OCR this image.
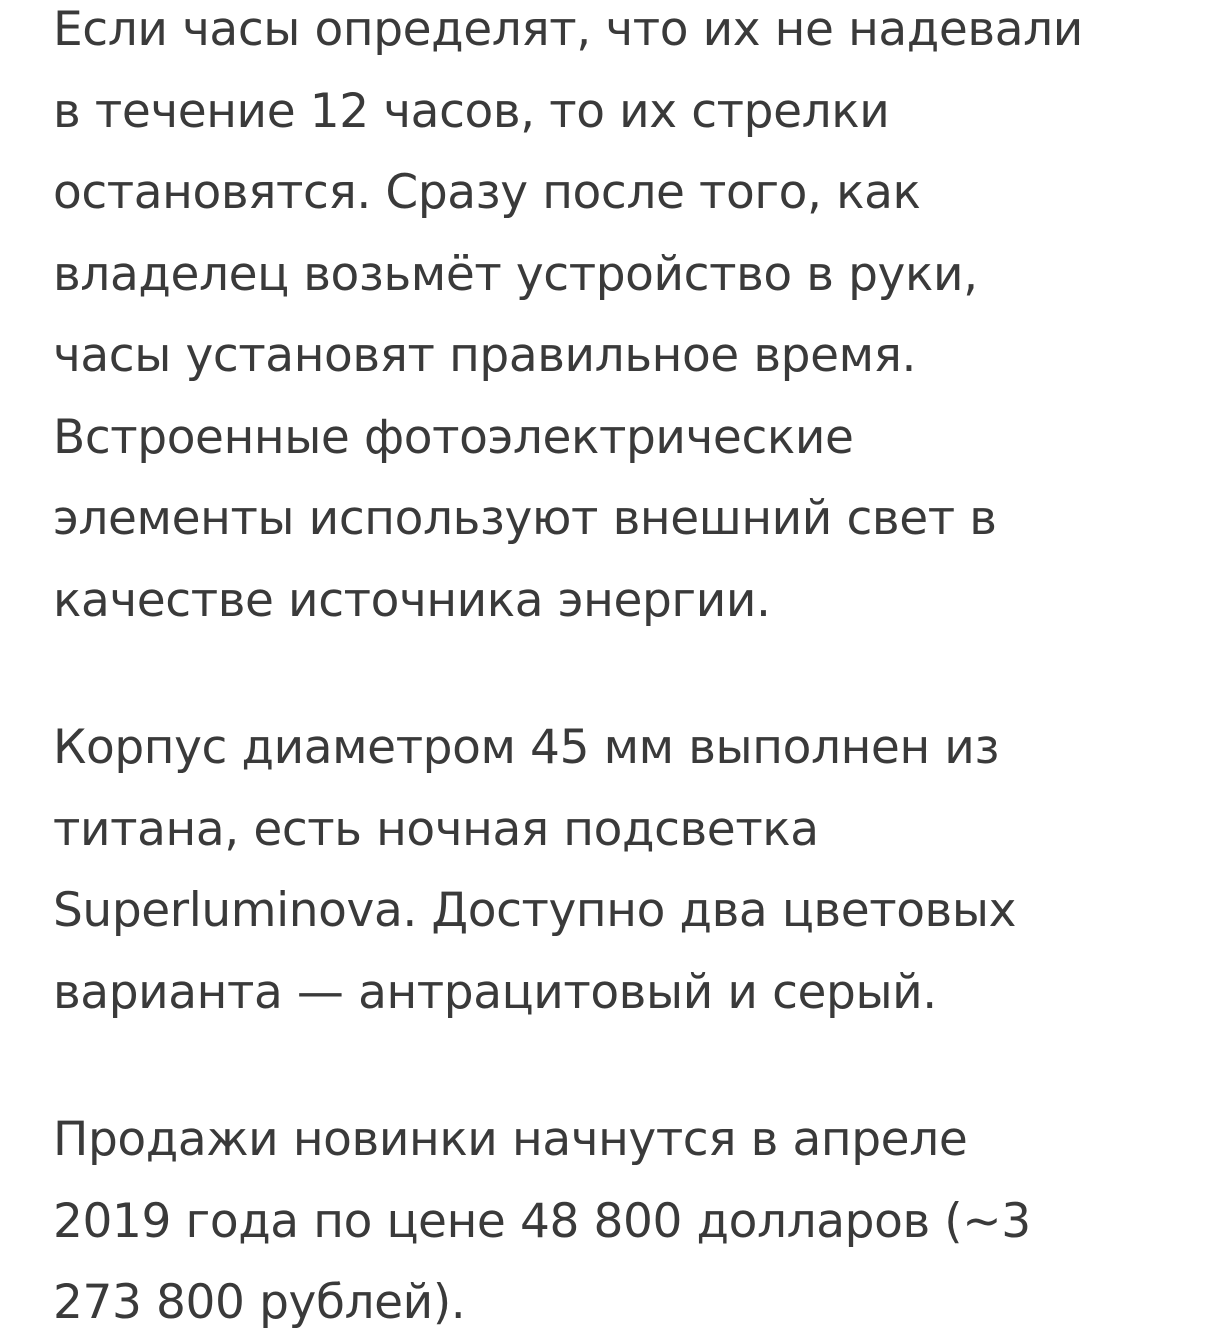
Если часы определят, что их не надевали
в течение 12 часов, то их стрелки
остановятся. Сразу после того, как
владелец возьмёт устройство в руки,
часы установят правильное время.
Встроенные фотоэлектрические
элементы используют внешний свет в
качестве источника энергии.

Корпус диаметром 45 мм выполнен из
титана, есть ночная подсветка
Superluminova. Доступно два цветовых
варианта — антрацитовый и серый.

Продажи новинки начнутся в апреле
2019 года по цене 48 800 долларов (~3
273 800 рублей).
